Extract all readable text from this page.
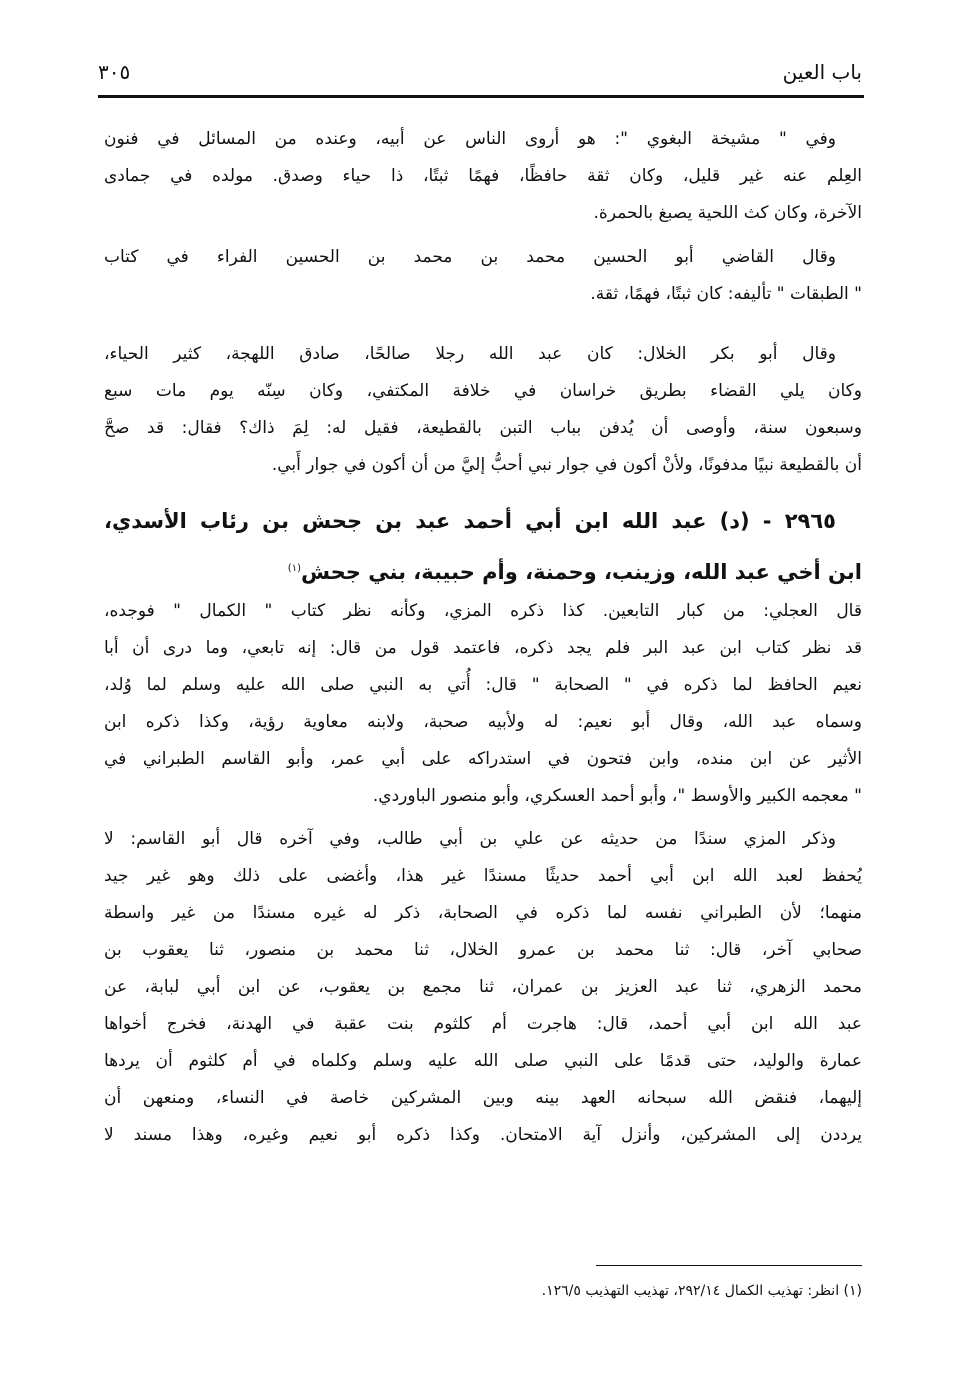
باب العين
٣٠٥
وفي " مشيخة البغوي ": هو أروى الناس عن أبيه، وعنده من المسائل في فنون
العِلم عنه غير قليل، وكان ثقة حافظًا، فهمًا ثبتًا، ذا حياء وصدق. مولده في جمادى
الآخرة، وكان كث اللحية يصبغ بالحمرة.
وقال القاضي أبو الحسين محمد بن محمد بن الحسين الفراء في كتاب
" الطبقات " تأليفه: كان ثبتًا، فهمًا، ثقة.
وقال أبو بكر الخلال: كان عبد الله رجلا صالحًا، صادق اللهجة، كثير الحياء،
وكان يلي القضاء بطريق خراسان في خلافة المكتفي، وكان سِنّه يوم مات سبع
وسبعون سنة، وأوصى أن يُدفن بباب التبن بالقطيعة، فقيل له: لِمَ ذاك؟ فقال: قد صحَّ
أن بالقطيعة نبيًا مدفونًا، ولأنْ أكون في جوار نبي أحبُّ إليَّ من أن أكون في جوار أَبي.
٢٩٦٥ - (د) عبد الله ابن أبي أحمد عبد بن جحش بن رئاب الأسدي،
ابن أخي عبد الله، وزينب، وحمنة، وأم حبيبة، بني جحش$^{(١)}$
قال العجلي: من كبار التابعين. كذا ذكره المزي، وكأنه نظر كتاب " الكمال " فوجده،
قد نظر كتاب ابن عبد البر فلم يجد ذكره، فاعتمد قول من قال: إنه تابعي، وما درى أن أبا
نعيم الحافظ لما ذكره في " الصحابة " قال: أُتي به النبي صلى الله عليه وسلم لما وُلد،
وسماه عبد الله، وقال أبو نعيم: له ولأبيه صحبة، ولابنه معاوية رؤية، وكذا ذكره ابن
الأثير عن ابن منده، وابن فتحون في استدراكه على أبي عمر، وأبو القاسم الطبراني في
" معجمه الكبير والأوسط "، وأبو أحمد العسكري، وأبو منصور الباوردي.
وذكر المزي سندًا من حديثه عن علي بن أبي طالب، وفي آخره قال أبو القاسم: لا
يُحفظ لعبد الله ابن أبي أحمد حديثًا مسندًا غير هذا، وأغضى على ذلك وهو غير جيد
منهما؛ لأن الطبراني نفسه لما ذكره في الصحابة، ذكر له غيره مسندًا من غير واسطة
صحابي آخر، قال: ثنا محمد بن عمرو الخلال، ثنا محمد بن منصور، ثنا يعقوب بن
محمد الزهري، ثنا عبد العزيز بن عمران، ثنا مجمع بن يعقوب، عن ابن أبي لبابة، عن
عبد الله ابن أبي أحمد، قال: هاجرت أم كلثوم بنت عقبة في الهدنة، فخرج أخواها
عمارة والوليد، حتى قدمًا على النبي صلى الله عليه وسلم وكلماه في أم كلثوم أن يردها
إليهما، فنقض الله سبحانه العهد بينه وبين المشركين خاصة في النساء، ومنعهن أن
يرددن إلى المشركين، وأنزل آية الامتحان. وكذا ذكره أبو نعيم وغيره، وهذا مسند لا
(١) انظر: تهذيب الكمال ٢٩٢/١٤، تهذيب التهذيب ١٢٦/٥.
